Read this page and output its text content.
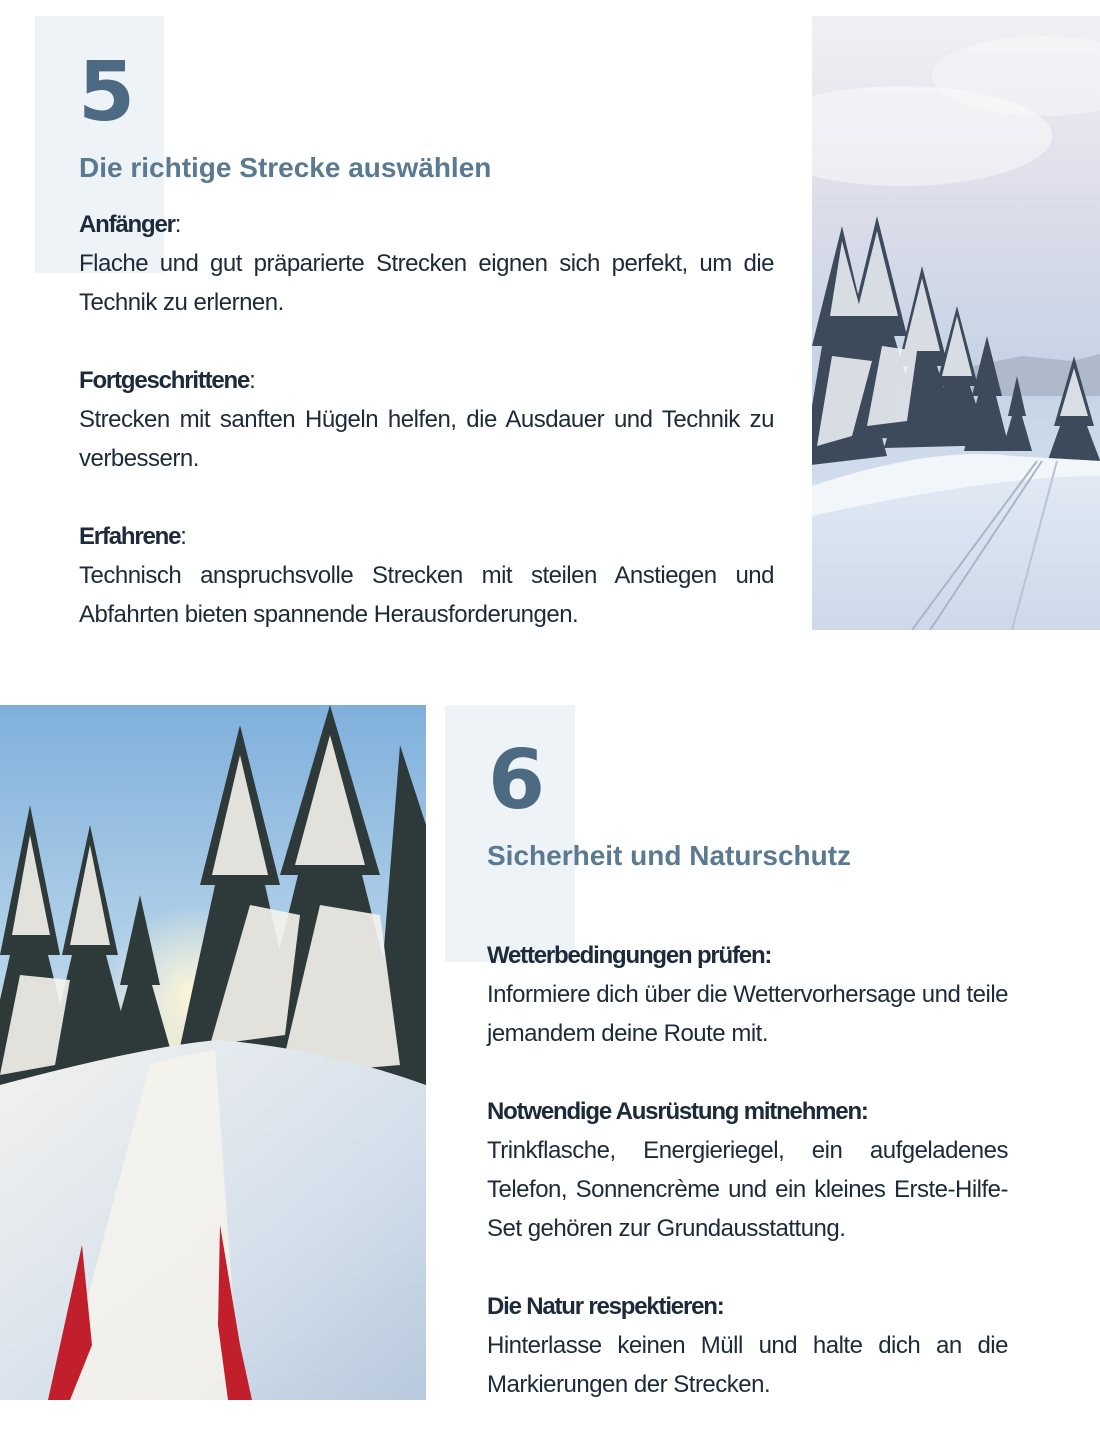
5
Die richtige Strecke auswählen
Anfänger:
Flache und gut präparierte Strecken eignen sich perfekt, um die Technik zu erlernen.
Fortgeschrittene:
Strecken mit sanften Hügeln helfen, die Ausdauer und Technik zu verbessern.
Erfahrene:
Technisch anspruchsvolle Strecken mit steilen Anstiegen und Abfahrten bieten spannende Herausforderungen.
6
Sicherheit und Naturschutz
Wetterbedingungen prüfen:
Informiere dich über die Wettervorhersage und teile jemandem deine Route mit.
Notwendige Ausrüstung mitnehmen:
Trinkflasche, Energieriegel, ein aufgeladenes Telefon, Sonnencrème und ein kleines Erste-Hilfe-Set gehören zur Grundausstattung.
Die Natur respektieren:
Hinterlasse keinen Müll und halte dich an die Markierungen der Strecken.
